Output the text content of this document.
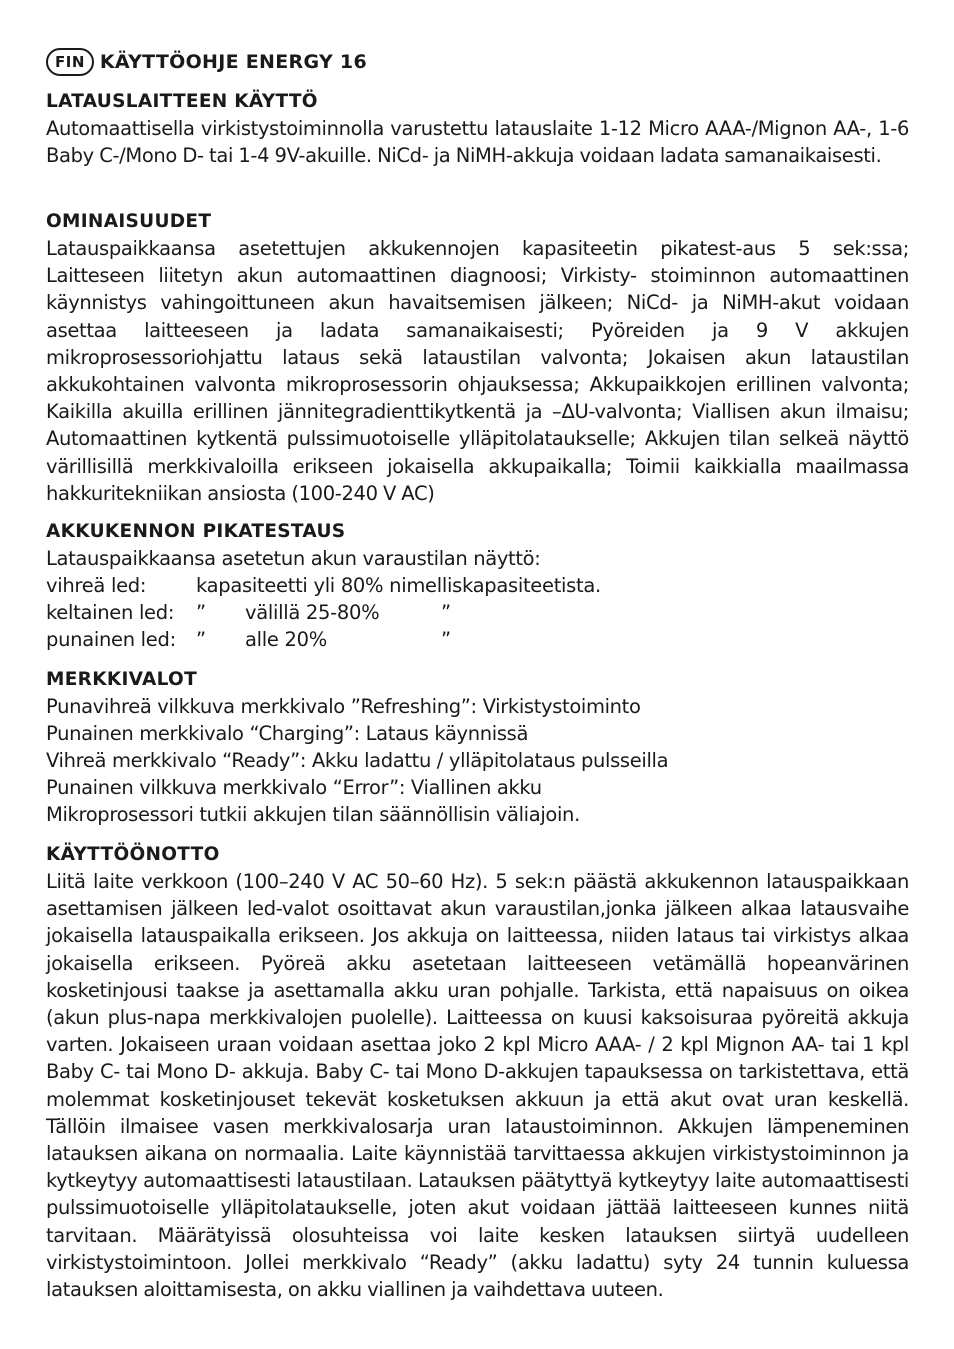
FIN KÄYTTÖOHJE ENERGY 16
LATAUSLAITTEEN KÄYTTÖ

Automaattisella virkistystoiminnolla varustettu latauslaite 1-12 Micro AAA-/Mignon AA-, 1-6 Baby C-/Mono D- tai 1-4 9V-akuille. NiCd- ja NiMH-akkuja voidaan ladata samanaikaisesti.

OMINAISUUDET

Latauspaikkaansa asetettujen akkukennojen kapasiteetin pikatest-aus 5 sek:ssa; Laitteseen liitetyn akun automaattinen diagnoosi; Virkisty- stoiminnon automaattinen käynnistys vahingoittuneen akun havaitsemisen jälkeen; NiCd- ja NiMH-akut voidaan asettaa laitteeseen ja ladata samanaikaisesti; Pyöreiden ja 9 V akkujen mikroprosessoriohjattu lataus sekä lataustilan valvonta; Jokaisen akun lataustilan akkukohtainen valvonta mikroprosessorin ohjauksessa; Akkupaikkojen erillinen valvonta; Kaikilla akuilla erillinen jännitegradienttikytkentä ja –ΔU-valvonta; Viallisen akun ilmaisu; Automaattinen kytkentä pulssimuotoiselle ylläpitolataukselle; Akkujen tilan selkeä näyttö värillisillä merkkivaloilla erikseen jokaisella akkupaikalla; Toimii kaikkialla maailmassa hakkuritekniikan ansiosta (100-240 V AC)

AKKUKENNON PIKATESTAUS
Latauspaikkaansa asetetun akun varaustilan näyttö:
vihreä led:	kapasiteetti yli 80% nimelliskapasiteetista.
keltainen led: ” välillä 25-80%	”
punainen led: ” alle 20%	”
MERKKIVALOT
Punavihreä vilkkuva merkkivalo ”Refreshing”: Virkistystoiminto
Punainen merkkivalo “Charging”: Lataus käynnissä
Vihreä merkkivalo “Ready”: Akku ladattu / ylläpitolataus pulsseilla
Punainen vilkkuva merkkivalo “Error”: Viallinen akku
Mikroprosessori tutkii akkujen tilan säännöllisin väliajoin.
KÄYTTÖÖNOTTO

Liitä laite verkkoon (100–240 V AC 50–60 Hz). 5 sek:n päästä akkukennon latauspaikkaan asettamisen jälkeen led-valot osoittavat akun varaustilan,jonka jälkeen alkaa latausvaihe jokaisella latauspaikalla erikseen. Jos akkuja on laitteessa, niiden lataus tai virkistys alkaa jokaisella erikseen. Pyöreä akku asetetaan laitteeseen vetämällä hopeanvärinen kosketinjousi taakse ja asettamalla akku uran pohjalle. Tarkista, että napaisuus on oikea (akun plus-napa merkkivalojen puolelle). Laitteessa on kuusi kaksoisuraa pyöreitä akkuja varten. Jokaiseen uraan voidaan asettaa joko 2 kpl Micro AAA- / 2 kpl Mignon AA- tai 1 kpl Baby C- tai Mono D- akkuja. Baby C- tai Mono D-akkujen tapauksessa on tarkistettava, että molemmat kosketinjouset tekevät kosketuksen akkuun ja että akut ovat uran keskellä. Tällöin ilmaisee vasen merkkivalosarja uran lataustoiminnon. Akkujen lämpeneminen latauksen aikana on normaalia. Laite käynnistää tarvittaessa akkujen virkistystoiminnon ja kytkeytyy automaattisesti lataustilaan. Latauksen päätyttyä kytkeytyy laite automaattisesti pulssimuotoiselle ylläpitolataukselle, joten akut voidaan jättää laitteeseen kunnes niitä tarvitaan. Määrätyissä olosuhteissa voi laite kesken latauksen siirtyä uudelleen virkistystoimintoon. Jollei merkkivalo “Ready” (akku ladattu) syty 24 tunnin kuluessa latauksen aloittamisesta, on akku viallinen ja vaihdettava uuteen.
